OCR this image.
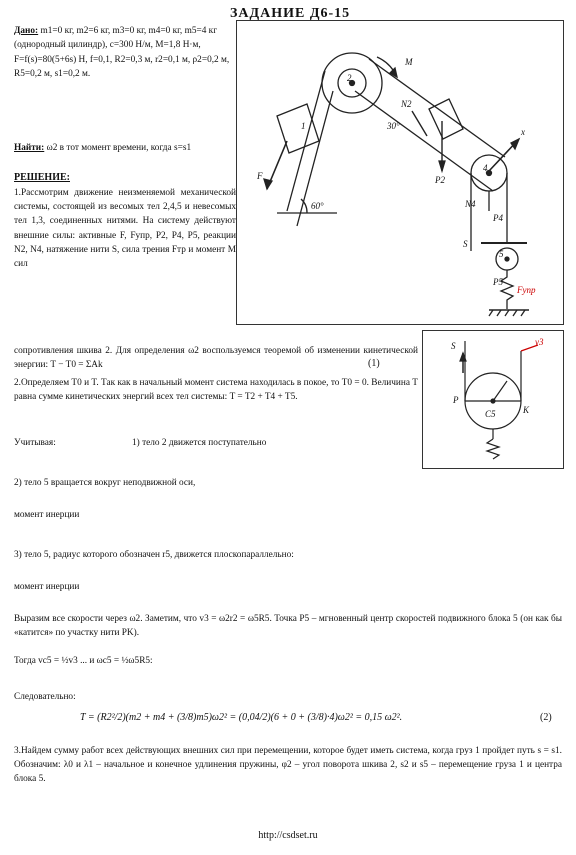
ЗАДАНИЕ Д6-15
Дано: m1=0 кг, m2=6 кг, m3=0 кг, m4=0 кг, m5=4 кг (однородный цилиндр), c=300 Н/м, M=1,8 Н·м, F=f(s)=80(5+6s) Н, f=0,1, R2=0,3 м, r2=0,1 м, ρ2=0,2 м, R5=0,2 м, s1=0,2 м.
Найти: ω2 в тот момент времени, когда s=s1
РЕШЕНИЕ:
1.Рассмотрим движение неизменяемой механической системы, состоящей из весомых тел 2,4,5 и невесомых тел 1,3, соединенных нитями. На систему действуют внешние силы: активные F, Fупр, P2, P4, P5, реакции N2, N4, натяжение нити S, сила трения Fтр и момент M сил
M
F
60°
30°
x
N2
P2
N4
P4
S
P5
Fупр
2
4
5
1
сопротивления шкива 2. Для определения ω2 воспользуемся теоремой об изменении кинетической энергии: T − T0 = ΣAk	(1)
2.Определяем T0 и T. Так как в начальный момент система находилась в покое, то T0 = 0. Величина T равна сумме кинетических энергий всех тел системы: T = T2 + T4 + T5.
S
P
K
C5
v3
Учитывая:	1) тело 2 движется поступательно
2) тело 5 вращается вокруг неподвижной оси,
момент инерции
3) тело 5, радиус которого обозначен r5, движется плоскопараллельно:
момент инерции
Выразим все скорости через ω2. Заметим, что v3 = ω2r2 = ω5R5. Точка P5 – мгновенный центр скоростей подвижного блока 5 (он как бы «катится» по участку нити PK).
Тогда vc5 = ½v3 ... и ωc5 = ½ω5R5:
Следовательно:
T = (R2²/2)(m2 + m4 + (3/8)m5)ω2² = (0,04/2)(6 + 0 + (3/8)·4)ω2² = 0,15 ω2².	(2)
3.Найдем сумму работ всех действующих внешних сил при перемещении, которое будет иметь система, когда груз 1 пройдет путь s = s1. Обозначим: λ0 и λ1 – начальное и конечное удлинения пружины, φ2 – угол поворота шкива 2, s2 и s5 – перемещение груза 1 и центра блока 5.
http://csdset.ru
